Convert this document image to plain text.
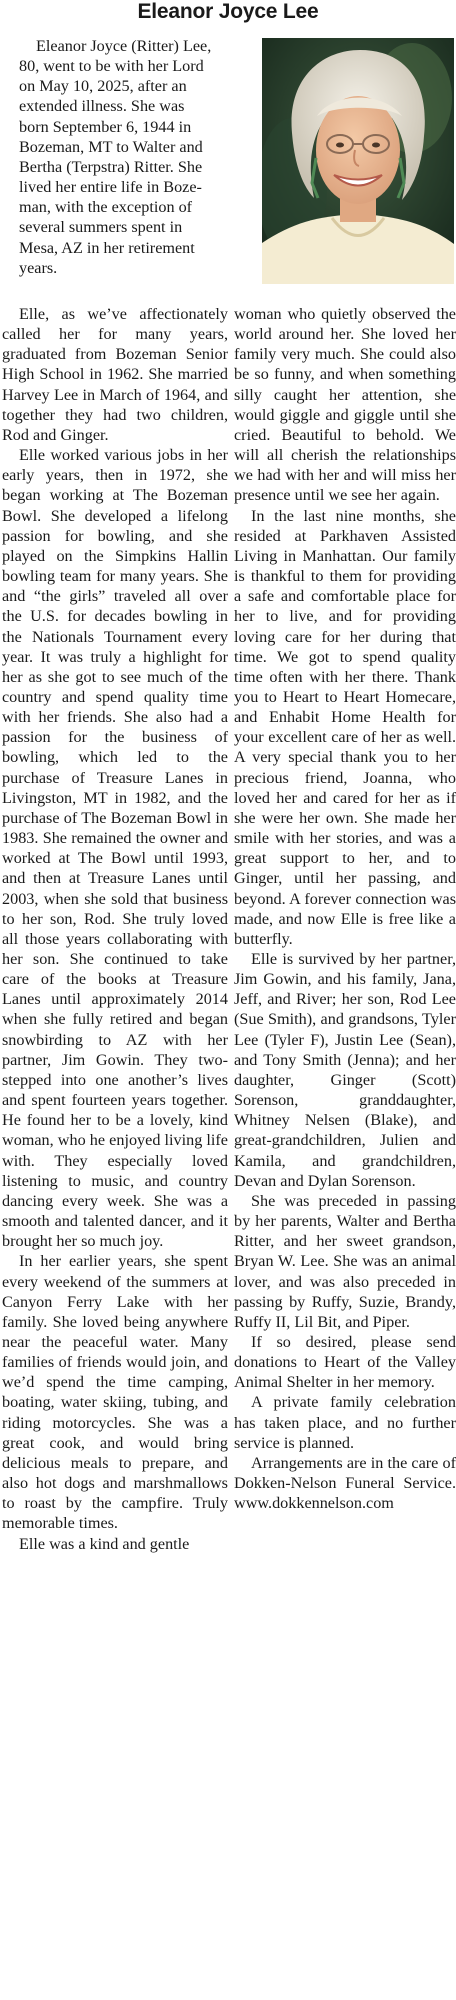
Eleanor Joyce Lee

Eleanor Joyce (Ritter) Lee,
80, went to be with her Lord
on May 10, 2025, after an
extended illness. She was
born September 6, 1944 in
Bozeman, MT to Walter and
Bertha (Terpstra) Ritter. She
lived her entire life in Boze-
man, with the exception of
several summers spent in
Mesa, AZ in her retirement
years.

Elle, as we’ve affectionately called her for many years, graduated from Bozeman Senior High School in 1962. She married Harvey Lee in March of 1964, and together they had two children, Rod and Ginger.

Elle worked various jobs in her early years, then in 1972, she began working at The Bozeman Bowl. She developed a lifelong passion for bowling, and she played on the Simpkins Hallin bowling team for many years. She and “the girls” traveled all over the U.S. for decades bowling in the Nationals Tournament every year. It was truly a highlight for her as she got to see much of the country and spend quality time with her friends. She also had a passion for the business of bowling, which led to the purchase of Treasure Lanes in Livingston, MT in 1982, and the purchase of The Bozeman Bowl in 1983. She remained the owner and worked at The Bowl until 1993, and then at Treasure Lanes until 2003, when she sold that business to her son, Rod. She truly loved all those years collaborating with her son. She continued to take care of the books at Treasure Lanes until approximately 2014 when she fully retired and began snowbirding to AZ with her partner, Jim Gowin. They two-stepped into one another’s lives and spent fourteen years together. He found her to be a lovely, kind woman, who he enjoyed living life with. They especially loved listening to music, and country dancing every week. She was a smooth and talented dancer, and it brought her so much joy.

In her earlier years, she spent every weekend of the summers at Canyon Ferry Lake with her family. She loved being anywhere near the peaceful water. Many families of friends would join, and we’d spend the time camping, boating, water skiing, tubing, and riding motorcycles. She was a great cook, and would bring delicious meals to prepare, and also hot dogs and marshmallows to roast by the campfire. Truly memorable times.

Elle was a kind and gentle

woman who quietly observed the world around her. She loved her family very much. She could also be so funny, and when something silly caught her attention, she would giggle and giggle until she cried. Beautiful to behold. We will all cherish the relationships we had with her and will miss her presence until we see her again.

In the last nine months, she resided at Parkhaven Assisted Living in Manhattan. Our family is thankful to them for providing a safe and comfortable place for her to live, and for providing loving care for her during that time. We got to spend quality time often with her there. Thank you to Heart to Heart Homecare, and Enhabit Home Health for your excellent care of her as well. A very special thank you to her precious friend, Joanna, who loved her and cared for her as if she were her own. She made her smile with her stories, and was a great support to her, and to Ginger, until her passing, and beyond. A forever connection was made, and now Elle is free like a butterfly.

Elle is survived by her partner, Jim Gowin, and his family, Jana, Jeff, and River; her son, Rod Lee (Sue Smith), and grandsons, Tyler Lee (Tyler F), Justin Lee (Sean), and Tony Smith (Jenna); and her daughter, Ginger (Scott) Sorenson, granddaughter, Whitney Nelsen (Blake), and great-grandchildren, Julien and Kamila, and grandchildren, Devan and Dylan Sorenson.

She was preceded in passing by her parents, Walter and Bertha Ritter, and her sweet grandson, Bryan W. Lee. She was an animal lover, and was also preceded in passing by Ruffy, Suzie, Brandy, Ruffy II, Lil Bit, and Piper.

If so desired, please send donations to Heart of the Valley Animal Shelter in her memory.

A private family celebration has taken place, and no further service is planned.

Arrangements are in the care of Dokken-Nelson Funeral Service. www.dokkennelson.com
